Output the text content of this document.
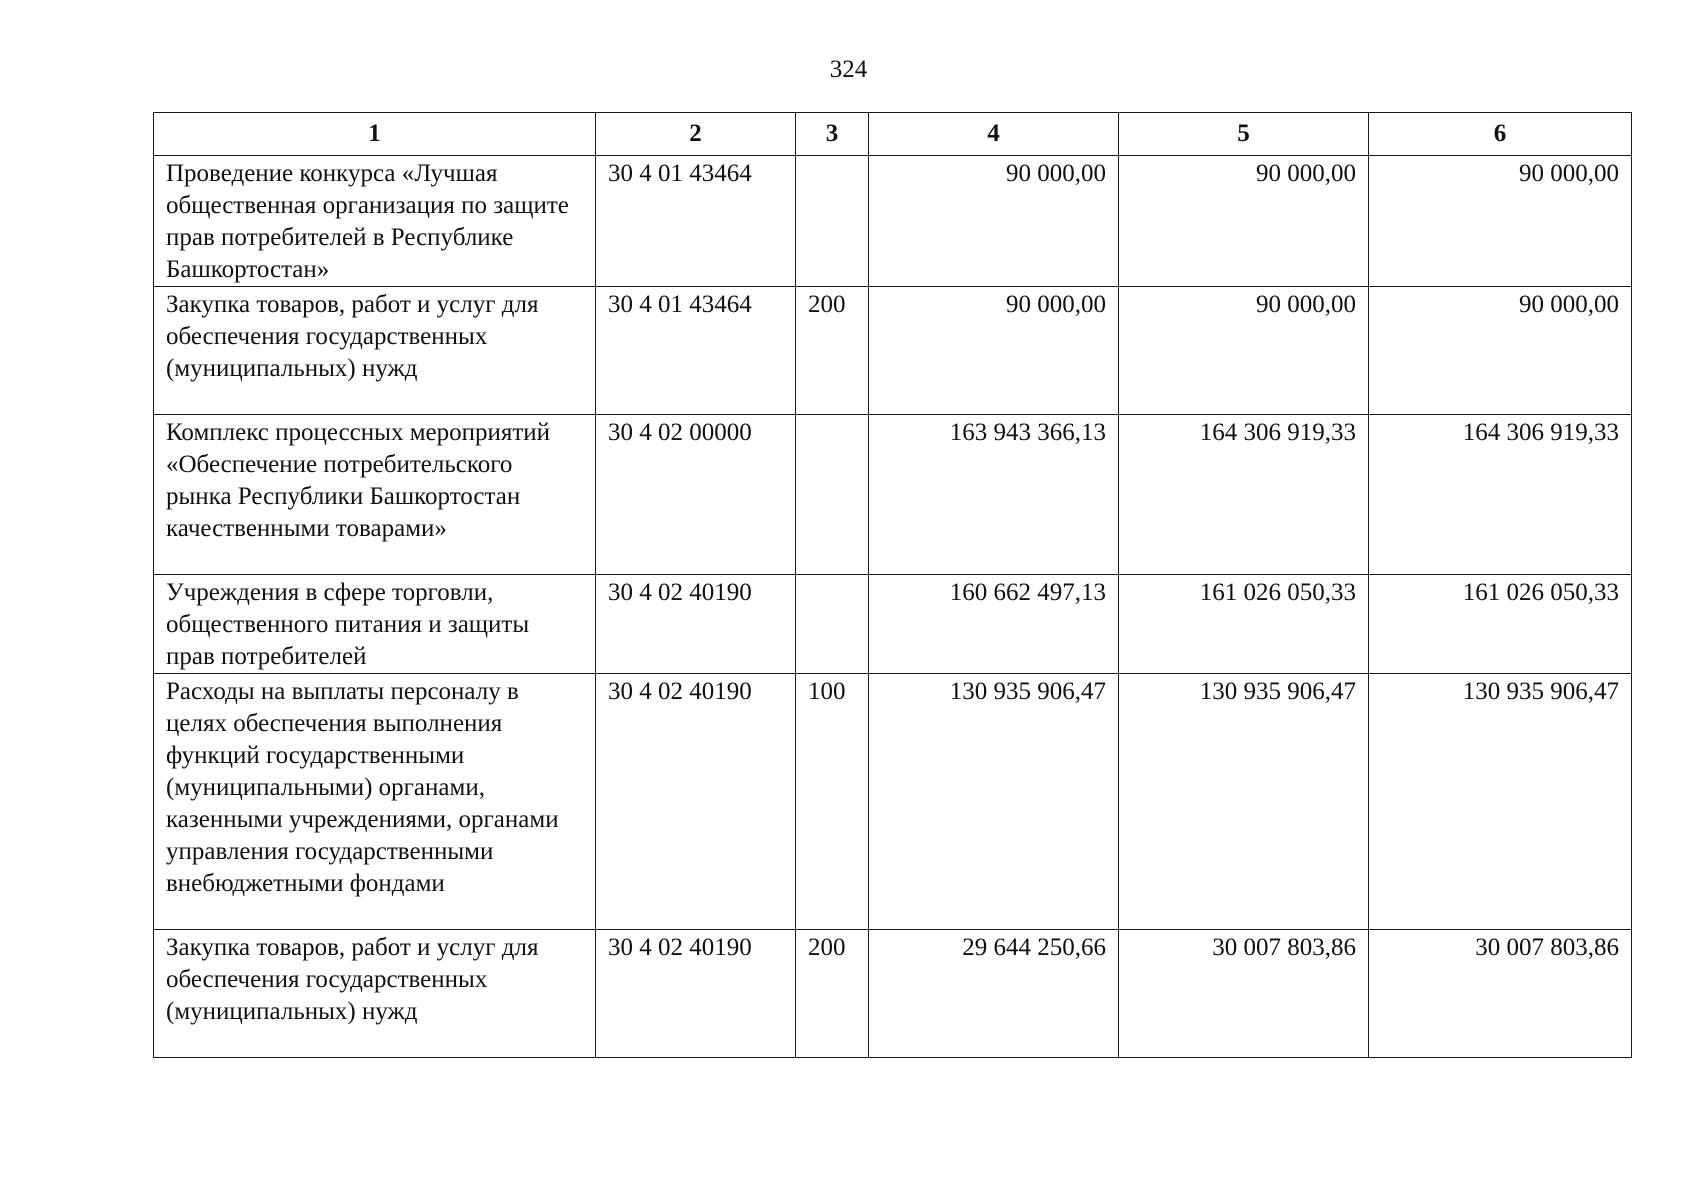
324
1	2	3	4	5	6
Проведение конкурса «Лучшая общественная организация по защите прав потребителей в Республике Башкортостан»	30 4 01 43464		90 000,00	90 000,00	90 000,00
Закупка товаров, работ и услуг для обеспечения государственных (муниципальных) нужд	30 4 01 43464	200	90 000,00	90 000,00	90 000,00
Комплекс процессных мероприятий «Обеспечение потребительского рынка Республики Башкортостан качественными товарами»	30 4 02 00000		163 943 366,13	164 306 919,33	164 306 919,33
Учреждения в сфере торговли, общественного питания и защиты прав потребителей	30 4 02 40190		160 662 497,13	161 026 050,33	161 026 050,33
Расходы на выплаты персоналу в целях обеспечения выполнения функций государственными (муниципальными) органами, казенными учреждениями, органами управления государственными внебюджетными фондами	30 4 02 40190	100	130 935 906,47	130 935 906,47	130 935 906,47
Закупка товаров, работ и услуг для обеспечения государственных (муниципальных) нужд	30 4 02 40190	200	29 644 250,66	30 007 803,86	30 007 803,86
